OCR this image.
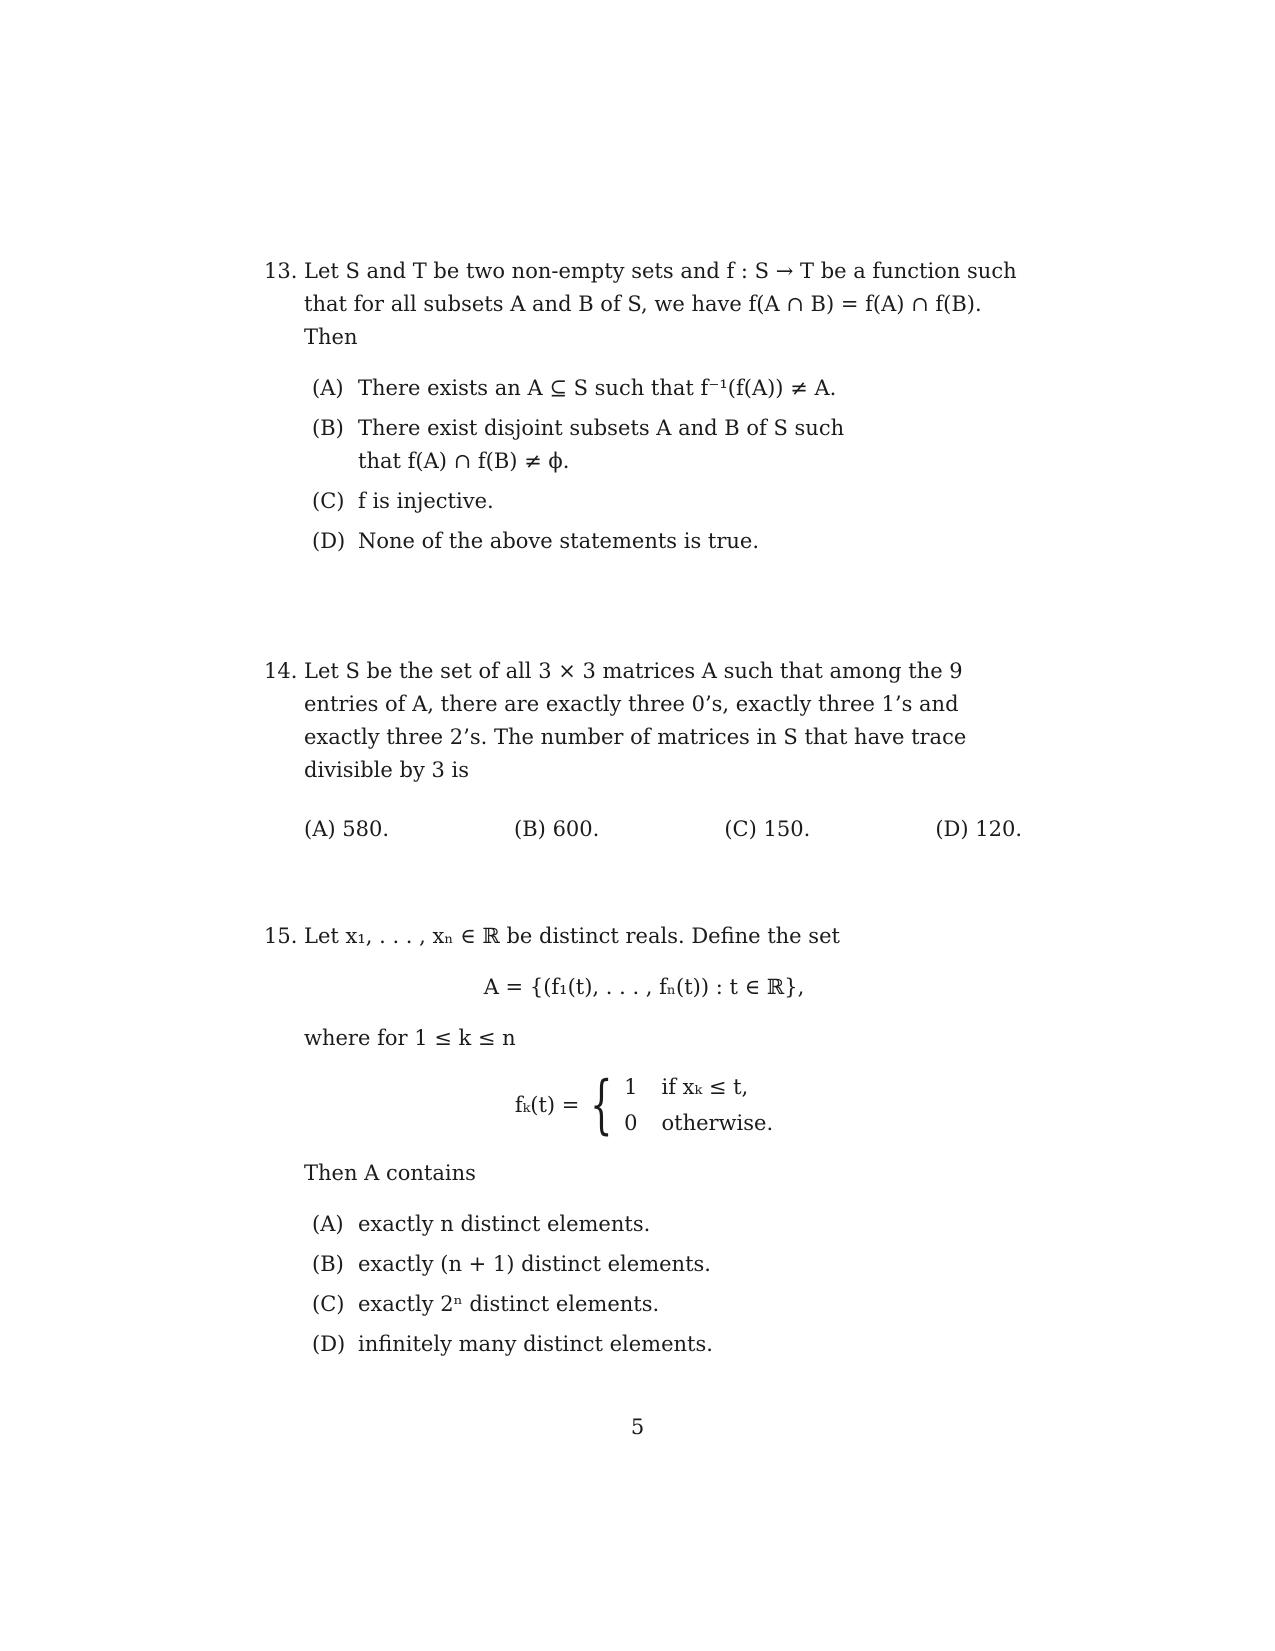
13. Let S and T be two non-empty sets and f : S → T be a function such that for all subsets A and B of S, we have f(A ∩ B) = f(A) ∩ f(B). Then
(A) There exists an A ⊆ S such that f⁻¹(f(A)) ≠ A.
(B) There exist disjoint subsets A and B of S such that f(A) ∩ f(B) ≠ ϕ.
(C) f is injective.
(D) None of the above statements is true.
14. Let S be the set of all 3 × 3 matrices A such that among the 9 entries of A, there are exactly three 0’s, exactly three 1’s and exactly three 2’s. The number of matrices in S that have trace divisible by 3 is
(A) 580.	(B) 600.	(C) 150.	(D) 120.
15. Let x₁, . . . , xₙ ∈ ℝ be distinct reals. Define the set
A = {(f₁(t), . . . , fₙ(t)) : t ∈ ℝ},
where for 1 ≤ k ≤ n
fₖ(t) = { 1 if xₖ ≤ t,
0 otherwise.
Then A contains
(A) exactly n distinct elements.
(B) exactly (n + 1) distinct elements.
(C) exactly 2ⁿ distinct elements.
(D) infinitely many distinct elements.
5
